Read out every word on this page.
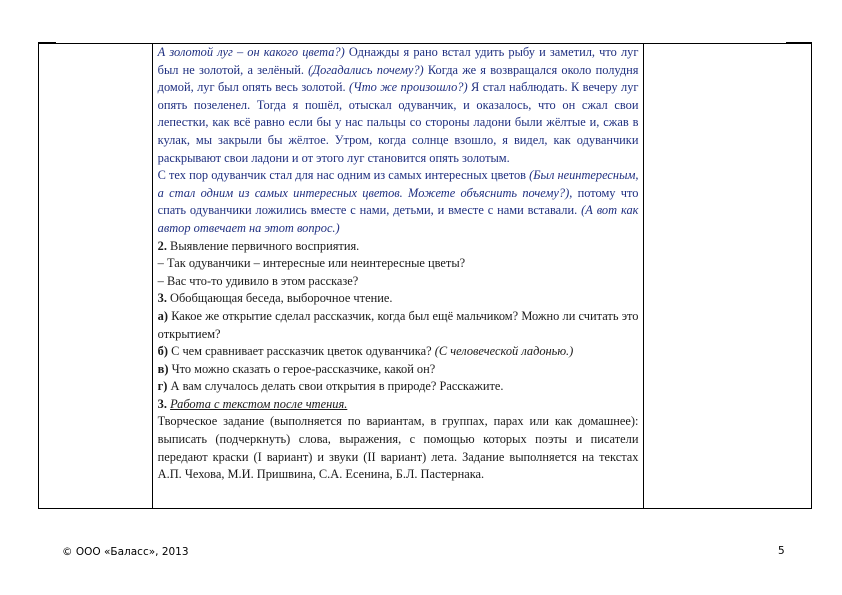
А золотой луг – он какого цвета?) Однажды я рано встал удить рыбу и заметил, что луг был не золотой, а зелёный. (Догадались почему?) Когда же я возвращался около полудня домой, луг был опять весь золотой. (Что же произошло?) Я стал наблюдать. К вечеру луг опять позеленел. Тогда я пошёл, отыскал одуванчик, и оказалось, что он сжал свои лепестки, как всё равно если бы у нас пальцы со стороны ладони были жёлтые и, сжав в кулак, мы закрыли бы жёлтое. Утром, когда солнце взошло, я видел, как одуванчики раскрывают свои ладони и от этого луг становится опять золотым.
С тех пор одуванчик стал для нас одним из самых интересных цветов (Был неинтересным, а стал одним из самых интересных цветов. Можете объяснить почему?), потому что спать одуванчики ложились вместе с нами, детьми, и вместе с нами вставали. (А вот как автор отвечает на этот вопрос.)
2. Выявление первичного восприятия.
– Так одуванчики – интересные или неинтересные цветы?
– Вас что-то удивило в этом рассказе?
3. Обобщающая беседа, выборочное чтение.
а) Какое же открытие сделал рассказчик, когда был ещё мальчиком? Можно ли считать это открытием?
б) С чем сравнивает рассказчик цветок одуванчика? (С человеческой ладонью.)
в) Что можно сказать о герое-рассказчике, какой он?
г) А вам случалось делать свои открытия в природе? Расскажите.
3. Работа с текстом после чтения.
Творческое задание (выполняется по вариантам, в группах, парах или как домашнее): выписать (подчеркнуть) слова, выражения, с помощью которых поэты и писатели передают краски (I вариант) и звуки (II вариант) лета. Задание выполняется на текстах А.П. Чехова, М.И. Пришвина, С.А. Есенина, Б.Л. Пастернака.

© ООО «Баласс», 2013	5
